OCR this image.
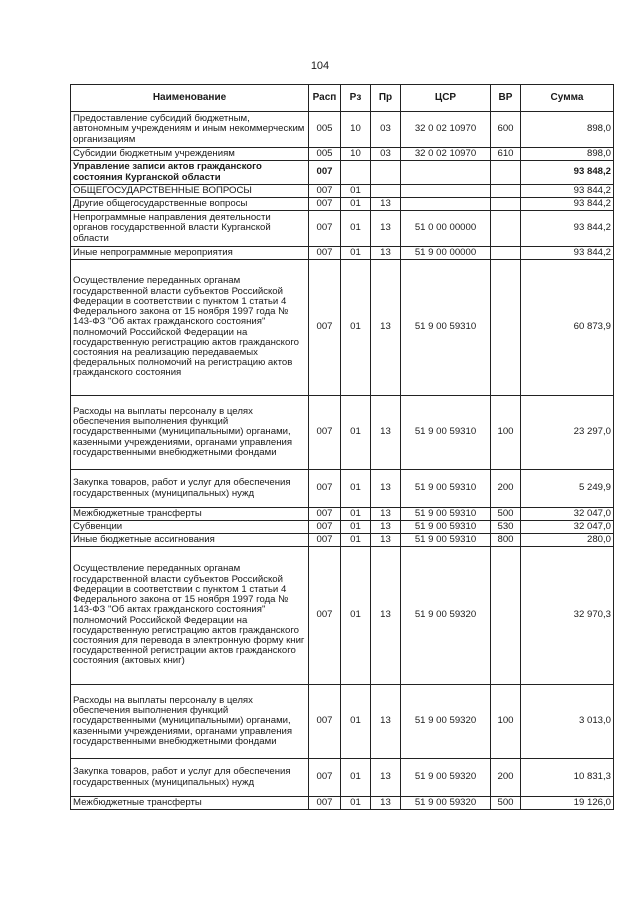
104
Наименование	Расп	Рз	Пр	ЦСР	ВР	Сумма
Предоставление субсидий бюджетным, автономным учреждениям и иным некоммерческим организациям	005	10	03	32 0 02 10970	600	898,0
Субсидии бюджетным учреждениям	005	10	03	32 0 02 10970	610	898,0
Управление записи актов гражданского состояния Курганской области	007					93 848,2
ОБЩЕГОСУДАРСТВЕННЫЕ ВОПРОСЫ	007	01				93 844,2
Другие общегосударственные вопросы	007	01	13			93 844,2
Непрограммные направления деятельности органов государственной власти Курганской области	007	01	13	51 0 00 00000		93 844,2
Иные непрограммные мероприятия	007	01	13	51 9 00 00000		93 844,2
Осуществление переданных органам государственной власти субъектов Российской Федерации в соответствии с пунктом 1 статьи 4 Федерального закона от 15 ноября 1997 года № 143-ФЗ "Об актах гражданского состояния" полномочий Российской Федерации на государственную регистрацию актов гражданского состояния на реализацию передаваемых федеральных полномочий на регистрацию актов гражданского состояния	007	01	13	51 9 00 59310		60 873,9
Расходы на выплаты персоналу в целях обеспечения выполнения функций государственными (муниципальными) органами, казенными учреждениями, органами управления государственными внебюджетными фондами	007	01	13	51 9 00 59310	100	23 297,0
Закупка товаров, работ и услуг для обеспечения государственных (муниципальных) нужд	007	01	13	51 9 00 59310	200	5 249,9
Межбюджетные трансферты	007	01	13	51 9 00 59310	500	32 047,0
Субвенции	007	01	13	51 9 00 59310	530	32 047,0
Иные бюджетные ассигнования	007	01	13	51 9 00 59310	800	280,0
Осуществление переданных органам государственной власти субъектов Российской Федерации в соответствии с пунктом 1 статьи 4 Федерального закона от 15 ноября 1997 года № 143-ФЗ "Об актах гражданского состояния" полномочий Российской Федерации на государственную регистрацию актов гражданского состояния для перевода в электронную форму книг государственной регистрации актов гражданского состояния (актовых книг)	007	01	13	51 9 00 59320		32 970,3
Расходы на выплаты персоналу в целях обеспечения выполнения функций государственными (муниципальными) органами, казенными учреждениями, органами управления государственными внебюджетными фондами	007	01	13	51 9 00 59320	100	3 013,0
Закупка товаров, работ и услуг для обеспечения государственных (муниципальных) нужд	007	01	13	51 9 00 59320	200	10 831,3
Межбюджетные трансферты	007	01	13	51 9 00 59320	500	19 126,0
